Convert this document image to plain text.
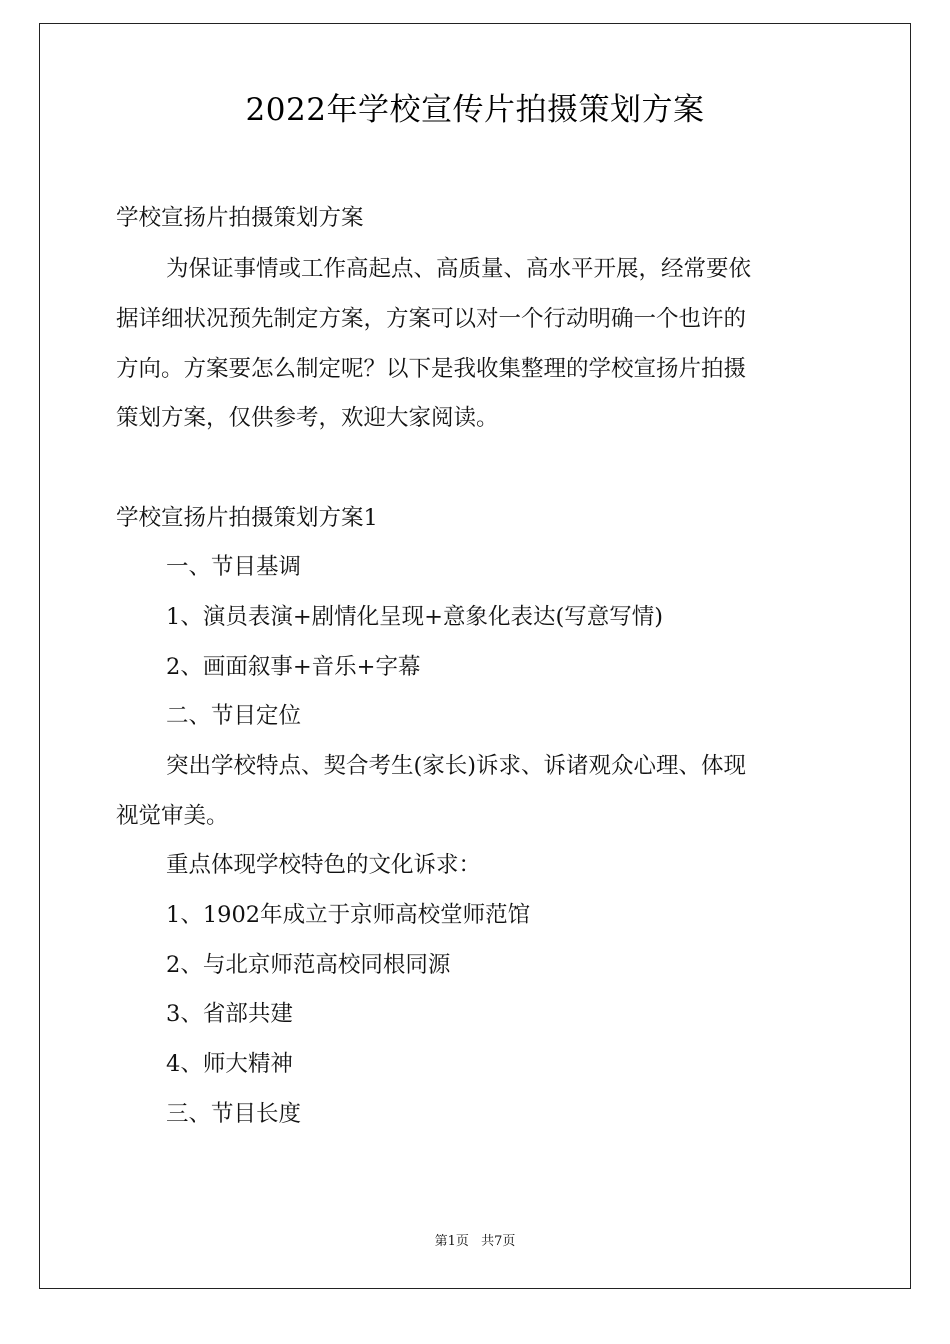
2022年学校宣传片拍摄策划方案
学校宣扬片拍摄策划方案
为保证事情或工作高起点、高质量、高水平开展，经常要依
据详细状况预先制定方案，方案可以对一个行动明确一个也许的
方向。方案要怎么制定呢？以下是我收集整理的学校宣扬片拍摄
策划方案，仅供参考，欢迎大家阅读。
学校宣扬片拍摄策划方案1
一、节目基调
1、演员表演+剧情化呈现+意象化表达(写意写情)
2、画面叙事+音乐+字幕
二、节目定位
突出学校特点、契合考生(家长)诉求、诉诸观众心理、体现
视觉审美。
重点体现学校特色的文化诉求：
1、1902年成立于京师高校堂师范馆
2、与北京师范高校同根同源
3、省部共建
4、师大精神
三、节目长度
第1页 共7页
